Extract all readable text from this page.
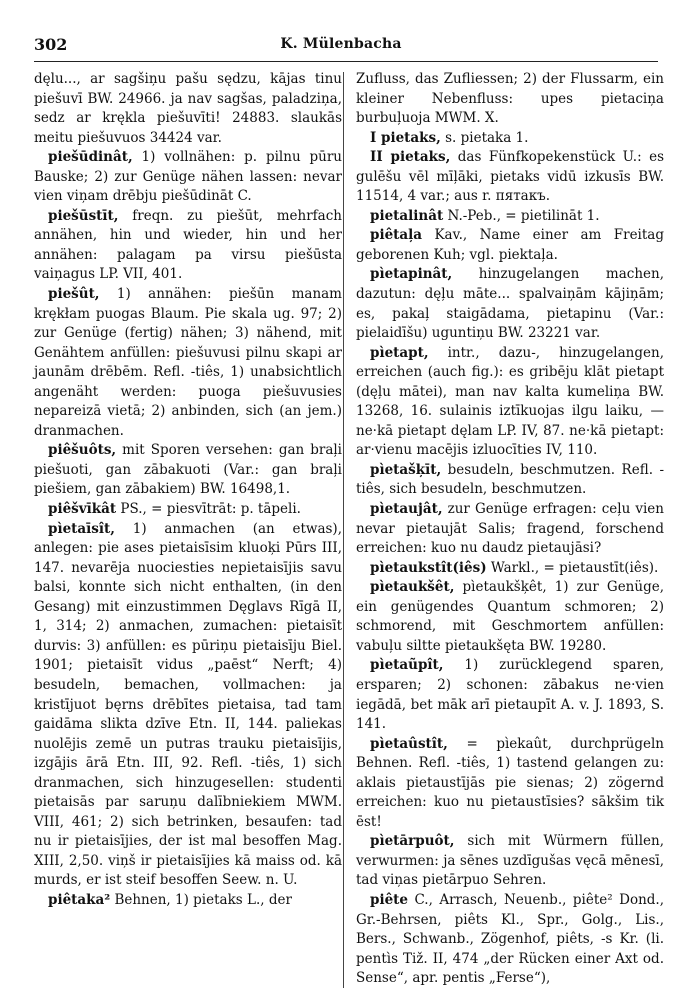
302	K. Mülenbacha

dęlu..., ar sagšiņu pašu sędzu, kājas tinu piešuvī BW. 24966. ja nav sagšas, paladziņa, sedz ar krękla piešuvīti! 24883. slaukās meitu piešuvuos 34424 var.

piešūdinât, 1) vollnähen: p. pilnu pūru Bauske; 2) zur Genüge nähen lassen: nevar vien viņam drēbju piešūdināt C.

piešūstīt, freqn. zu piešūt, mehrfach annähen, hin und wieder, hin und her annähen: palagam pa virsu piešūsta vaiņagus LP. VII, 401.

piešût, 1) annähen: piešūn manam krękłam puogas Blaum. Pie skala ug. 97; 2) zur Genüge (fertig) nähen; 3) nähend, mit Genähtem anfüllen: piešuvusi pilnu skapi ar jaunām drēbēm. Refl. -tiês, 1) unabsichtlich angenäht werden: puoga piešuvusies nepareizā vietā; 2) anbinden, sich (an jem.) dranmachen.

piêšuôts, mit Sporen versehen: gan braļi piešuoti, gan zābakuoti (Var.: gan braļi piešiem, gan zābakiem) BW. 16498,1.

piêšvīkât PS., = piesvītrāt: p. tāpeli.

pìetaīsît, 1) anmachen (an etwas), anlegen: pie ases pietaisīsim kluoķi Pūrs III, 147. nevarēja nuociesties nepietaisījis savu balsi, konnte sich nicht enthalten, (in den Gesang) mit einzustimmen Dęglavs Rīgā II, 1, 314; 2) anmachen, zumachen: pietaisīt durvis: 3) anfüllen: es pūriņu pietaisīju Biel. 1901; pietaisīt vidus „paēst“ Nerft; 4) besudeln, bemachen, vollmachen: ja kristījuot bęrns drēbītes pietaisa, tad tam gaidāma slikta dzīve Etn. II, 144. paliekas nuolējis zemē un putras trauku pietaisījis, izgājis ārā Etn. III, 92. Refl. -tiês, 1) sich dranmachen, sich hinzugesellen: studenti pietaisās par saruņu dalībniekiem MWM. VIII, 461; 2) sich betrinken, besaufen: tad nu ir pietaisījies, der ist mal besoffen Mag. XIII, 2,50. viņš ir pietaisījies kā maiss od. kā murds, er ist steif besoffen Seew. n. U.

piêtaka² Behnen, 1) pietaks L., der

Zufluss, das Zufliessen; 2) der Flussarm, ein kleiner Nebenfluss: upes pietaciņa burbuļuoja MWM. X.

I pietaks, s. pietaka 1.

II pietaks, das Fünfkopekenstück U.: es gulēšu vēl mīļāki, pietaks vidū izkusīs BW. 11514, 4 var.; aus r. пятакъ.

pietalinât N.-Peb., = pietilināt 1.

piêtaļa Kav., Name einer am Freitag geborenen Kuh; vgl. piektaļa.

pìetapinât, hinzugelangen machen, dazutun: dęļu māte... spalvaiņām kājiņām; es, pakaļ staigādama, pietapinu (Var.: pielaidīšu) uguntiņu BW. 23221 var.

pìetapt, intr., dazu-, hinzugelangen, erreichen (auch fig.): es gribēju klāt pietapt (dęļu mātei), man nav kalta kumeliņa BW. 13268, 16. sulainis iztīkuojas ilgu laiku, — ne·kā pietapt dęlam LP. IV, 87. ne·kā pietapt: ar·vienu macējis izluocīties IV, 110.

pìetašķīt, besudeln, beschmutzen. Refl. -tiês, sich besudeln, beschmutzen.

pìetaujât, zur Genüge erfragen: ceļu vien nevar pietaujāt Salis; fragend, forschend erreichen: kuo nu daudz pietaujāsi?

pìetaukstît(iês) Warkl., = pietaustīt(iês).

pìetaukšêt, pìetaukšķêt, 1) zur Genüge, ein genügendes Quantum schmoren; 2) schmorend, mit Geschmortem anfüllen: vabuļu siltte pietaukšęta BW. 19280.

pìetaũpît, 1) zurücklegend sparen, ersparen; 2) schonen: zābakus ne·vien iegādā, bet māk arī pietaupīt A. v. J. 1893, S. 141.

pìetaûstît, = pìekaût, durchprügeln Behnen. Refl. -tiês, 1) tastend gelangen zu: aklais pietaustījās pie sienas; 2) zögernd erreichen: kuo nu pietaustīsies? sākšim tik ēst!

pìetārpuôt, sich mit Würmern füllen, verwurmen: ja sēnes uzdīgušas vęcā mēnesī, tad viņas pietārpuo Sehren.

piête C., Arrasch, Neuenb., piête² Dond., Gr.-Behrsen, piêts Kl., Spr., Golg., Lis., Bers., Schwanb., Zögenhof, piêts, -s Kr. (li. pentìs Tiž. II, 474 „der Rücken einer Axt od. Sense“, apr. pentis „Ferse“),
